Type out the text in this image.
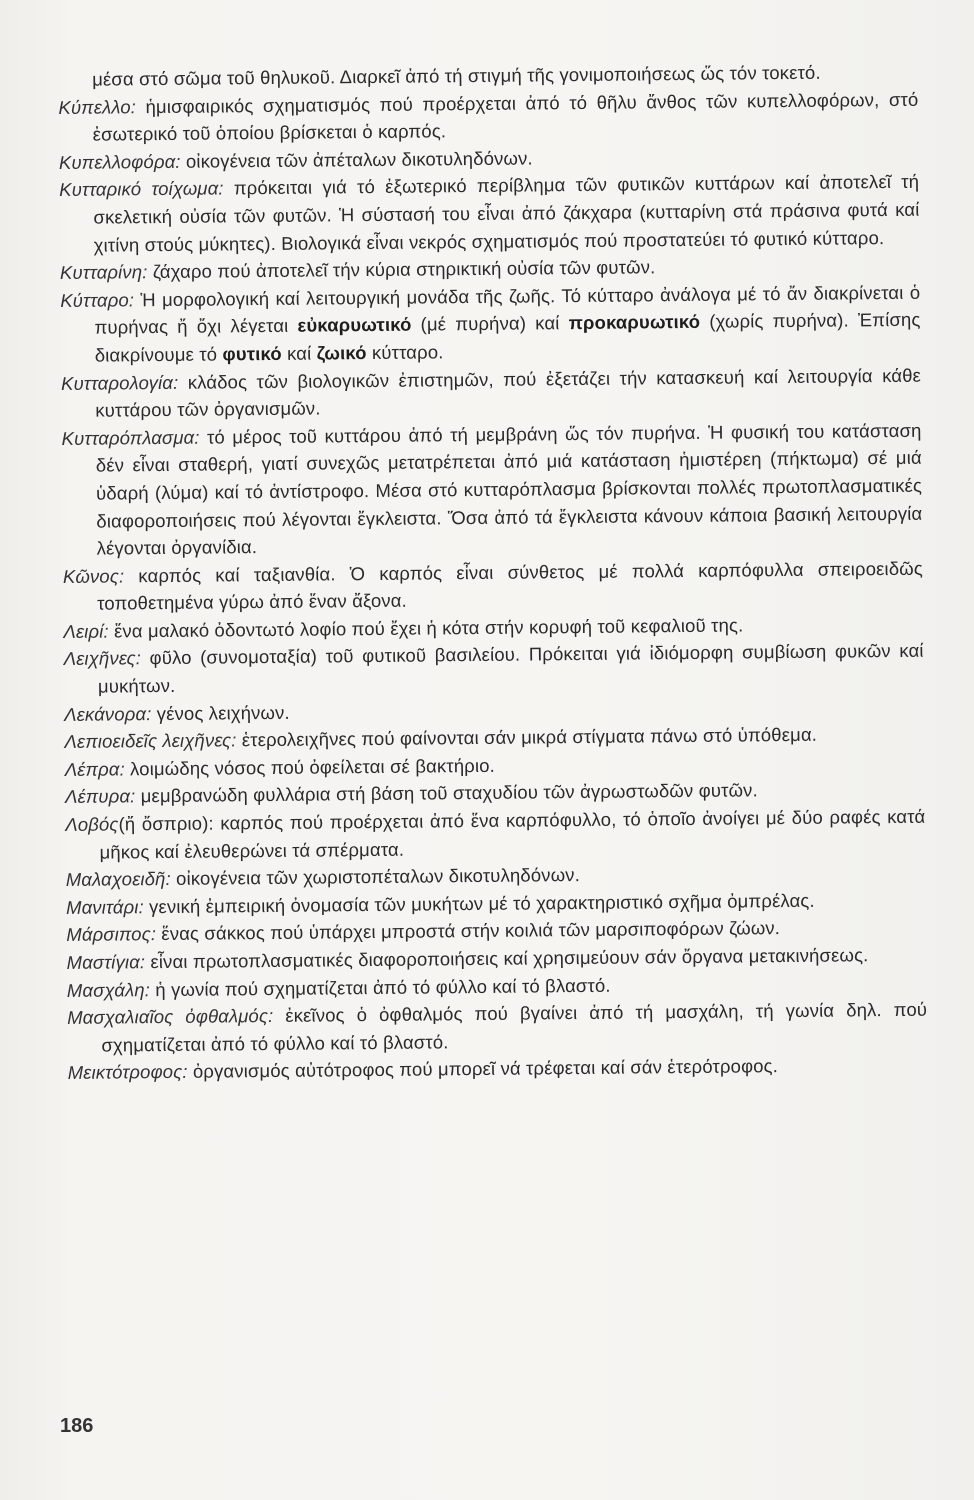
μέσα στό σῶμα τοῦ θηλυκοῦ. Διαρκεῖ ἀπό τή στιγμή τῆς γονιμοποιήσεως ὥς τόν τοκετό.

Κύπελλο: ἡμισφαιρικός σχηματισμός πού προέρχεται ἀπό τό θῆλυ ἄνθος τῶν κυπελλοφόρων, στό ἐσωτερικό τοῦ ὁποίου βρίσκεται ὁ καρπός.

Κυπελλοφόρα: οἰκογένεια τῶν ἀπέταλων δικοτυληδόνων.

Κυτταρικό τοίχωμα: πρόκειται γιά τό ἐξωτερικό περίβλημα τῶν φυτικῶν κυττάρων καί ἀποτελεῖ τή σκελετική οὐσία τῶν φυτῶν. Ἡ σύστασή του εἶναι ἀπό ζάκχαρα (κυτταρίνη στά πράσινα φυτά καί χιτίνη στούς μύκητες). Βιολογικά εἶναι νεκρός σχηματισμός πού προστατεύει τό φυτικό κύτταρο.

Κυτταρίνη: ζάχαρο πού ἀποτελεῖ τήν κύρια στηρικτική οὐσία τῶν φυτῶν.

Κύτταρο: Ἡ μορφολογική καί λειτουργική μονάδα τῆς ζωῆς. Τό κύτταρο ἀνάλογα μέ τό ἄν διακρίνεται ὁ πυρήνας ἤ ὄχι λέγεται εὐκαρυωτικό (μέ πυρήνα) καί προκαρυωτικό (χωρίς πυρήνα). Ἐπίσης διακρίνουμε τό φυτικό καί ζωικό κύτταρο.

Κυτταρολογία: κλάδος τῶν βιολογικῶν ἐπιστημῶν, πού ἐξετάζει τήν κατασκευή καί λειτουργία κάθε κυττάρου τῶν ὀργανισμῶν.

Κυτταρόπλασμα: τό μέρος τοῦ κυττάρου ἀπό τή μεμβράνη ὥς τόν πυρήνα. Ἡ φυσική του κατάσταση δέν εἶναι σταθερή, γιατί συνεχῶς μετατρέπεται ἀπό μιά κατάσταση ἡμιστέρεη (πήκτωμα) σέ μιά ὑδαρή (λύμα) καί τό ἀντίστροφο. Μέσα στό κυτταρόπλασμα βρίσκονται πολλές πρωτοπλασματικές διαφοροποιήσεις πού λέγονται ἔγκλειστα. Ὅσα ἀπό τά ἔγκλειστα κάνουν κάποια βασική λειτουργία λέγονται ὀργανίδια.

Κῶνος: καρπός καί ταξιανθία. Ὁ καρπός εἶναι σύνθετος μέ πολλά καρπόφυλλα σπειροειδῶς τοποθετημένα γύρω ἀπό ἕναν ἄξονα.

Λειρί: ἕνα μαλακό ὀδοντωτό λοφίο πού ἔχει ἡ κότα στήν κορυφή τοῦ κεφαλιοῦ της.

Λειχῆνες: φῦλο (συνομοταξία) τοῦ φυτικοῦ βασιλείου. Πρόκειται γιά ἰδιόμορφη συμβίωση φυκῶν καί μυκήτων.

Λεκάνορα: γένος λειχήνων.

Λεπιοειδεῖς λειχῆνες: ἑτερολειχῆνες πού φαίνονται σάν μικρά στίγματα πάνω στό ὑπόθεμα.

Λέπρα: λοιμώδης νόσος πού ὀφείλεται σέ βακτήριο.

Λέπυρα: μεμβρανώδη φυλλάρια στή βάση τοῦ σταχυδίου τῶν ἀγρωστωδῶν φυτῶν.

Λοβός(ἤ ὄσπριο): καρπός πού προέρχεται ἀπό ἕνα καρπόφυλλο, τό ὁποῖο ἀνοίγει μέ δύο ραφές κατά μῆκος καί ἐλευθερώνει τά σπέρματα.

Μαλαχοειδῆ: οἰκογένεια τῶν χωριστοπέταλων δικοτυληδόνων.

Μανιτάρι: γενική ἐμπειρική ὀνομασία τῶν μυκήτων μέ τό χαρακτηριστικό σχῆμα ὀμπρέλας.

Μάρσιπος: ἕνας σάκκος πού ὑπάρχει μπροστά στήν κοιλιά τῶν μαρσιποφόρων ζώων.

Μαστίγια: εἶναι πρωτοπλασματικές διαφοροποιήσεις καί χρησιμεύουν σάν ὄργανα μετακινήσεως.

Μασχάλη: ἡ γωνία πού σχηματίζεται ἀπό τό φύλλο καί τό βλαστό.

Μασχαλιαῖος ὀφθαλμός: ἐκεῖνος ὁ ὀφθαλμός πού βγαίνει ἀπό τή μασχάλη, τή γωνία δηλ. πού σχηματίζεται ἀπό τό φύλλο καί τό βλαστό.

Μεικτότροφος: ὀργανισμός αὐτότροφος πού μπορεῖ νά τρέφεται καί σάν ἑτερότροφος.

186
